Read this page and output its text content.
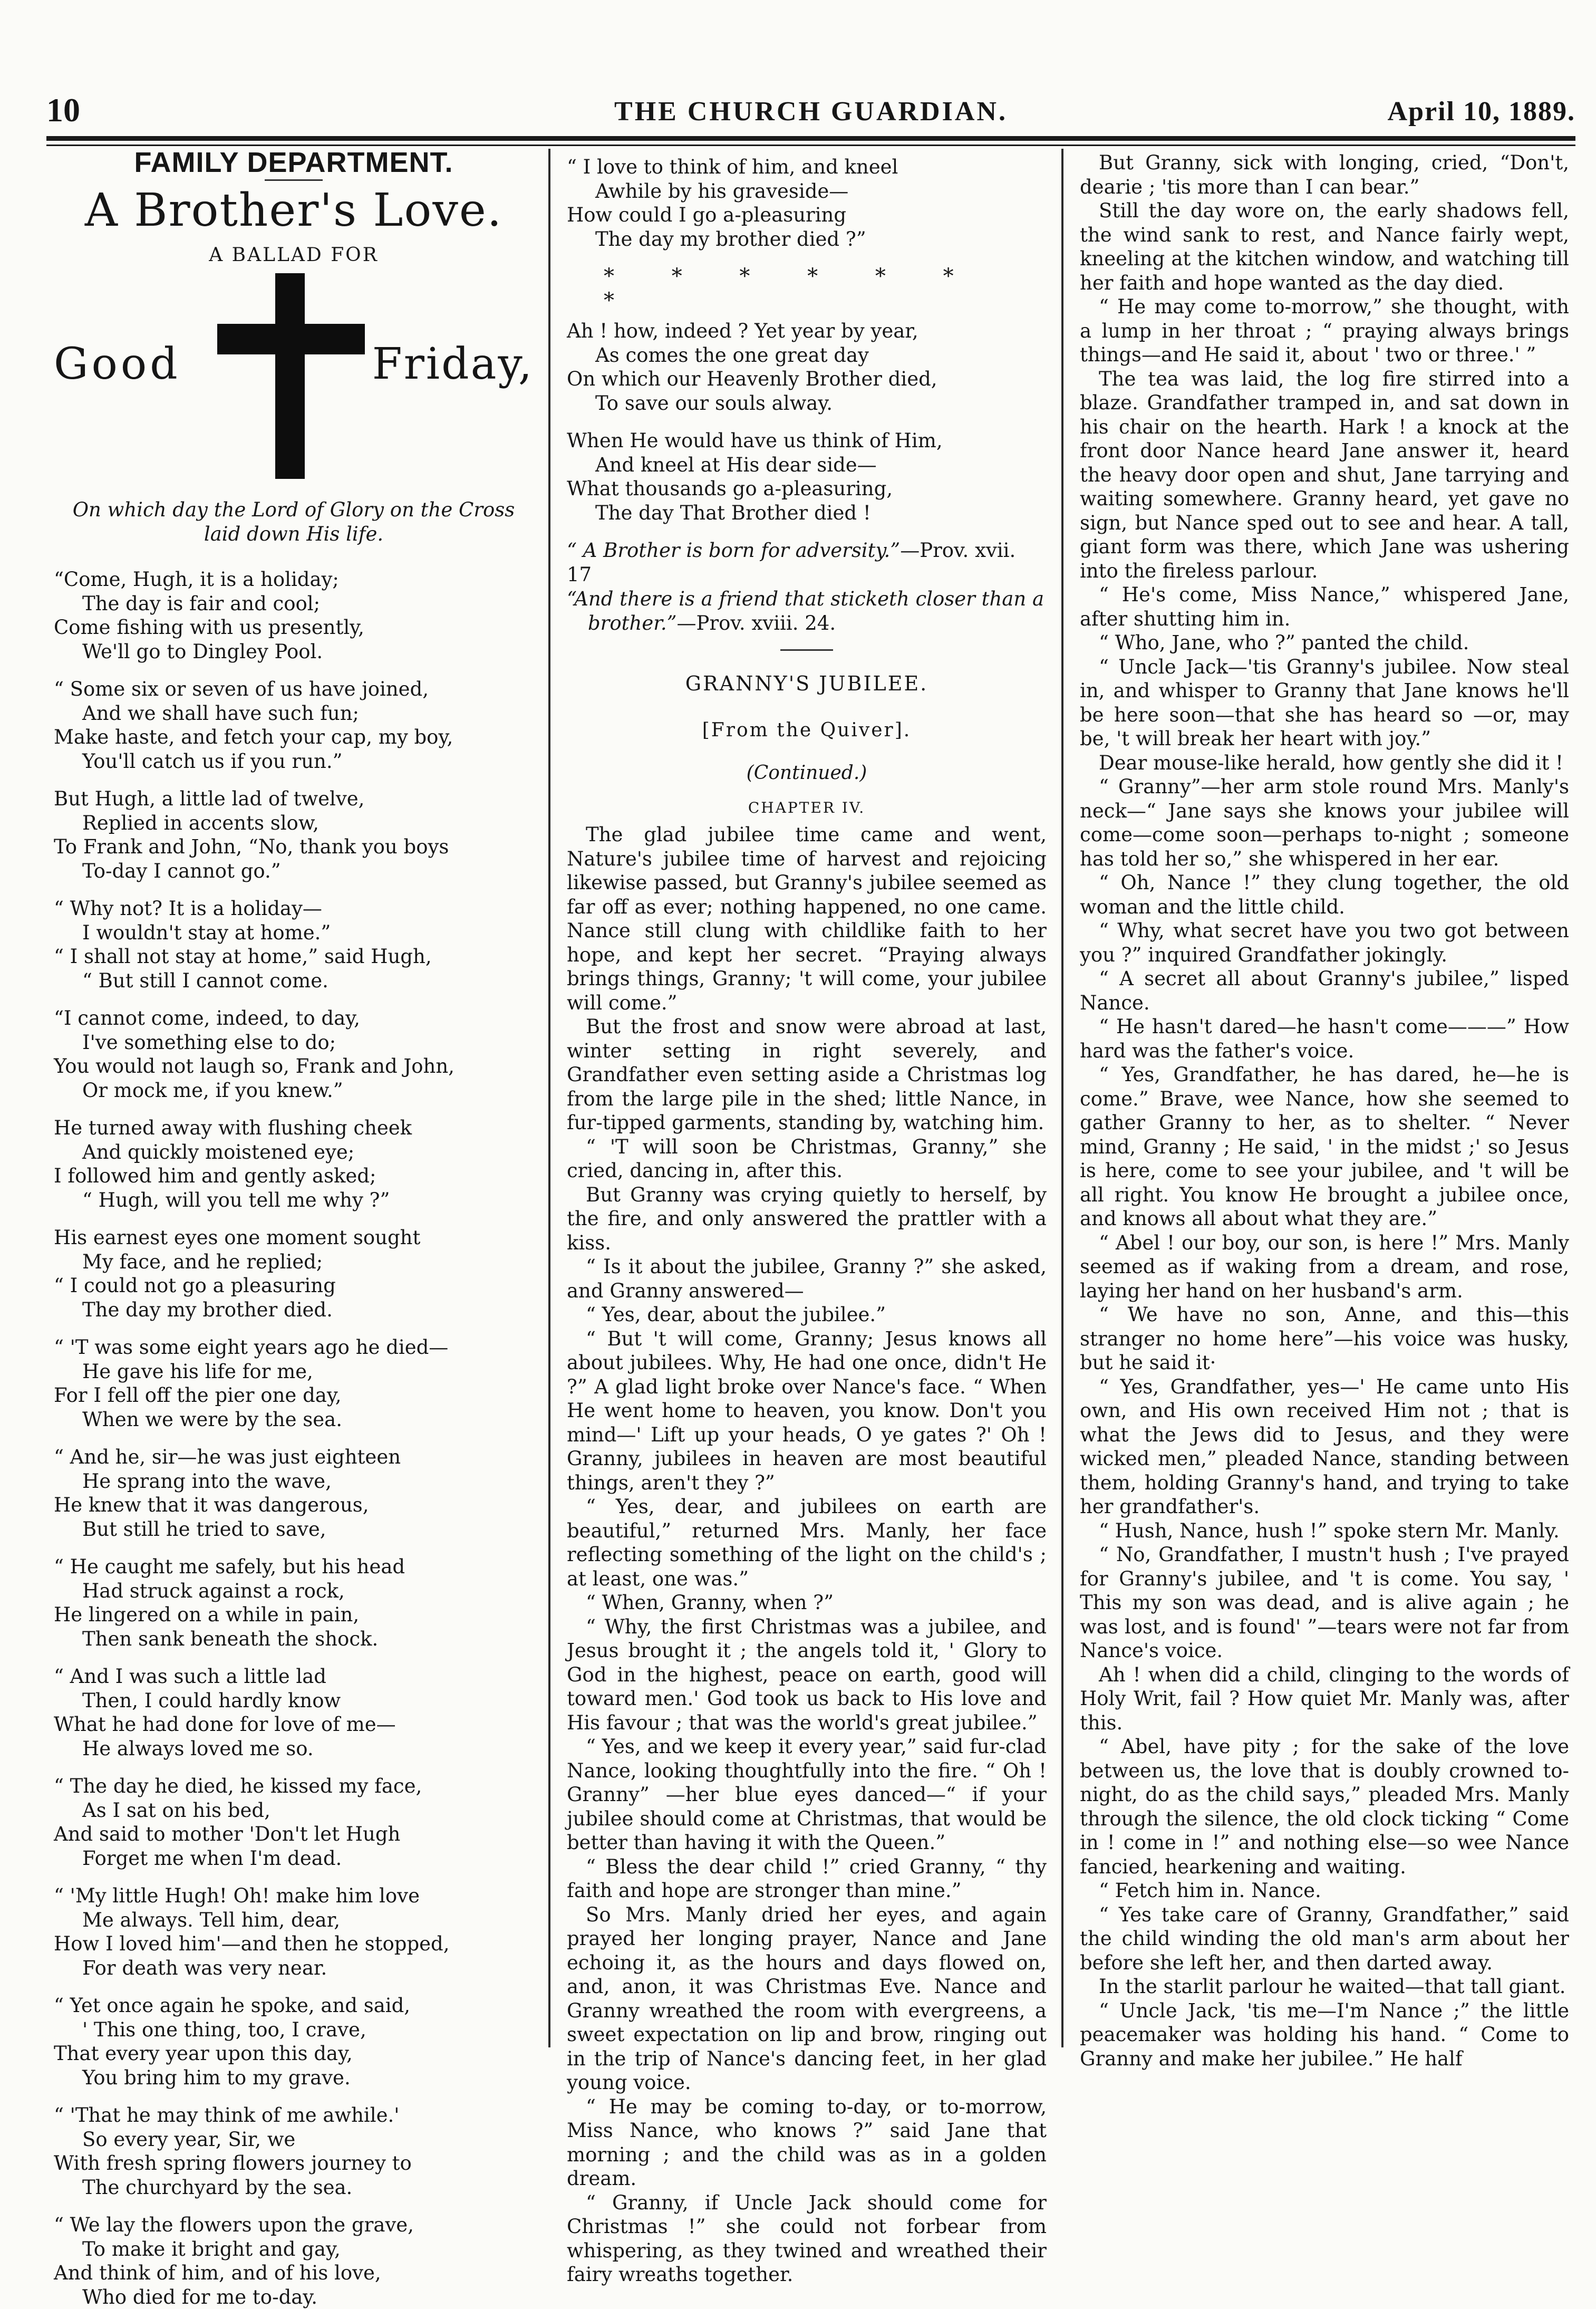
10	THE CHURCH GUARDIAN.	April 10, 1889.
FAMILY DEPARTMENT.
A Brother's Love.
A BALLAD FOR
Good	Friday,
On which day the Lord of Glory on the Cross laid down His life.
“Come, Hugh, it is a holiday;
The day is fair and cool;
Come fishing with us presently,
We'll go to Dingley Pool.
“ Some six or seven of us have joined,
And we shall have such fun;
Make haste, and fetch your cap, my boy,
You'll catch us if you run.”
But Hugh, a little lad of twelve,
Replied in accents slow,
To Frank and John, “No, thank you boys
To-day I cannot go.”
“ Why not? It is a holiday—
I wouldn't stay at home.”
“ I shall not stay at home,” said Hugh,
“ But still I cannot come.
“I cannot come, indeed, to day,
I've something else to do;
You would not laugh so, Frank and John,
Or mock me, if you knew.”
He turned away with flushing cheek
And quickly moistened eye;
I followed him and gently asked;
“ Hugh, will you tell me why ?”
His earnest eyes one moment sought
My face, and he replied;
“ I could not go a pleasuring
The day my brother died.
“ 'T was some eight years ago he died—
He gave his life for me,
For I fell off the pier one day,
When we were by the sea.
“ And he, sir—he was just eighteen
He sprang into the wave,
He knew that it was dangerous,
But still he tried to save,
“ He caught me safely, but his head
Had struck against a rock,
He lingered on a while in pain,
Then sank beneath the shock.
“ And I was such a little lad
Then, I could hardly know
What he had done for love of me—
He always loved me so.
“ The day he died, he kissed my face,
As I sat on his bed,
And said to mother 'Don't let Hugh
Forget me when I'm dead.
“ 'My little Hugh! Oh! make him love
Me always. Tell him, dear,
How I loved him'—and then he stopped,
For death was very near.
“ Yet once again he spoke, and said,
' This one thing, too, I crave,
That every year upon this day,
You bring him to my grave.
“ 'That he may think of me awhile.'
So every year, Sir, we
With fresh spring flowers journey to
The churchyard by the sea.
“ We lay the flowers upon the grave,
To make it bright and gay,
And think of him, and of his love,
Who died for me to-day.
“ I love to think of him, and kneel
Awhile by his graveside—
How could I go a-pleasuring
The day my brother died ?”
* * * * * * *
Ah ! how, indeed ? Yet year by year,
As comes the one great day
On which our Heavenly Brother died,
To save our souls alway.
When He would have us think of Him,
And kneel at His dear side—
What thousands go a-pleasuring,
The day That Brother died !
“ A Brother is born for adversity.”—Prov. xvii. 17
“And there is a friend that sticketh closer than a brother.”—Prov. xviii. 24.
GRANNY'S JUBILEE.
[From the Quiver].
(Continued.)
CHAPTER IV.

The glad jubilee time came and went, Nature's jubilee time of harvest and rejoicing likewise passed, but Granny's jubilee seemed as far off as ever; nothing happened, no one came. Nance still clung with childlike faith to her hope, and kept her secret. “Praying always brings things, Granny; 't will come, your jubilee will come.”

But the frost and snow were abroad at last, winter setting in right severely, and Grandfather even setting aside a Christmas log from the large pile in the shed; little Nance, in fur-tipped garments, standing by, watching him.

“ 'T will soon be Christmas, Granny,” she cried, dancing in, after this.

But Granny was crying quietly to herself, by the fire, and only answered the prattler with a kiss.

“ Is it about the jubilee, Granny ?” she asked, and Granny answered—

“ Yes, dear, about the jubilee.”

“ But 't will come, Granny; Jesus knows all about jubilees. Why, He had one once, didn't He ?” A glad light broke over Nance's face. “ When He went home to heaven, you know. Don't you mind—' Lift up your heads, O ye gates ?' Oh ! Granny, jubilees in heaven are most beautiful things, aren't they ?”

“ Yes, dear, and jubilees on earth are beautiful,” returned Mrs. Manly, her face reflecting something of the light on the child's ; at least, one was.”

“ When, Granny, when ?”

“ Why, the first Christmas was a jubilee, and Jesus brought it ; the angels told it, ' Glory to God in the highest, peace on earth, good will toward men.' God took us back to His love and His favour ; that was the world's great jubilee.”

“ Yes, and we keep it every year,” said fur-clad Nance, looking thoughtfully into the fire. “ Oh ! Granny” —her blue eyes danced—“ if your jubilee should come at Christmas, that would be better than having it with the Queen.”

“ Bless the dear child !” cried Granny, “ thy faith and hope are stronger than mine.”

So Mrs. Manly dried her eyes, and again prayed her longing prayer, Nance and Jane echoing it, as the hours and days flowed on, and, anon, it was Christmas Eve. Nance and Granny wreathed the room with evergreens, a sweet expectation on lip and brow, ringing out in the trip of Nance's dancing feet, in her glad young voice.

“ He may be coming to-day, or to-morrow, Miss Nance, who knows ?” said Jane that morning ; and the child was as in a golden dream.

“ Granny, if Uncle Jack should come for Christmas !” she could not forbear from whispering, as they twined and wreathed their fairy wreaths together.

But Granny, sick with longing, cried, “Don't, dearie ; 'tis more than I can bear.”

Still the day wore on, the early shadows fell, the wind sank to rest, and Nance fairly wept, kneeling at the kitchen window, and watching till her faith and hope wanted as the day died.

“ He may come to-morrow,” she thought, with a lump in her throat ; “ praying always brings things—and He said it, about ' two or three.' ”

The tea was laid, the log fire stirred into a blaze. Grandfather tramped in, and sat down in his chair on the hearth. Hark ! a knock at the front door Nance heard Jane answer it, heard the heavy door open and shut, Jane tarrying and waiting somewhere. Granny heard, yet gave no sign, but Nance sped out to see and hear. A tall, giant form was there, which Jane was ushering into the fireless parlour.

“ He's come, Miss Nance,” whispered Jane, after shutting him in.

“ Who, Jane, who ?” panted the child.

“ Uncle Jack—'tis Granny's jubilee. Now steal in, and whisper to Granny that Jane knows he'll be here soon—that she has heard so —or, may be, 't will break her heart with joy.”

Dear mouse-like herald, how gently she did it !

“ Granny”—her arm stole round Mrs. Manly's neck—“ Jane says she knows your jubilee will come—come soon—perhaps to-night ; someone has told her so,” she whispered in her ear.

“ Oh, Nance !” they clung together, the old woman and the little child.

“ Why, what secret have you two got between you ?” inquired Grandfather jokingly.

“ A secret all about Granny's jubilee,” lisped Nance.

“ He hasn't dared—he hasn't come———” How hard was the father's voice.

“ Yes, Grandfather, he has dared, he—he is come.” Brave, wee Nance, how she seemed to gather Granny to her, as to shelter. “ Never mind, Granny ; He said, ' in the midst ;' so Jesus is here, come to see your jubilee, and 't will be all right. You know He brought a jubilee once, and knows all about what they are.”

“ Abel ! our boy, our son, is here !” Mrs. Manly seemed as if waking from a dream, and rose, laying her hand on her husband's arm.

“ We have no son, Anne, and this—this stranger no home here”—his voice was husky, but he said it·

“ Yes, Grandfather, yes—' He came unto His own, and His own received Him not ; that is what the Jews did to Jesus, and they were wicked men,” pleaded Nance, standing between them, holding Granny's hand, and trying to take her grandfather's.

“ Hush, Nance, hush !” spoke stern Mr. Manly.

“ No, Grandfather, I mustn't hush ; I've prayed for Granny's jubilee, and 't is come. You say, ' This my son was dead, and is alive again ; he was lost, and is found' ”—tears were not far from Nance's voice.

Ah ! when did a child, clinging to the words of Holy Writ, fail ? How quiet Mr. Manly was, after this.

“ Abel, have pity ; for the sake of the love between us, the love that is doubly crowned to-night, do as the child says,” pleaded Mrs. Manly through the silence, the old clock ticking “ Come in ! come in !” and nothing else—so wee Nance fancied, hearkening and waiting.

“ Fetch him in. Nance.

“ Yes take care of Granny, Grandfather,” said the child winding the old man's arm about her before she left her, and then darted away.

In the starlit parlour he waited—that tall giant.

“ Uncle Jack, 'tis me—I'm Nance ;” the little peacemaker was holding his hand. “ Come to Granny and make her jubilee.” He half
